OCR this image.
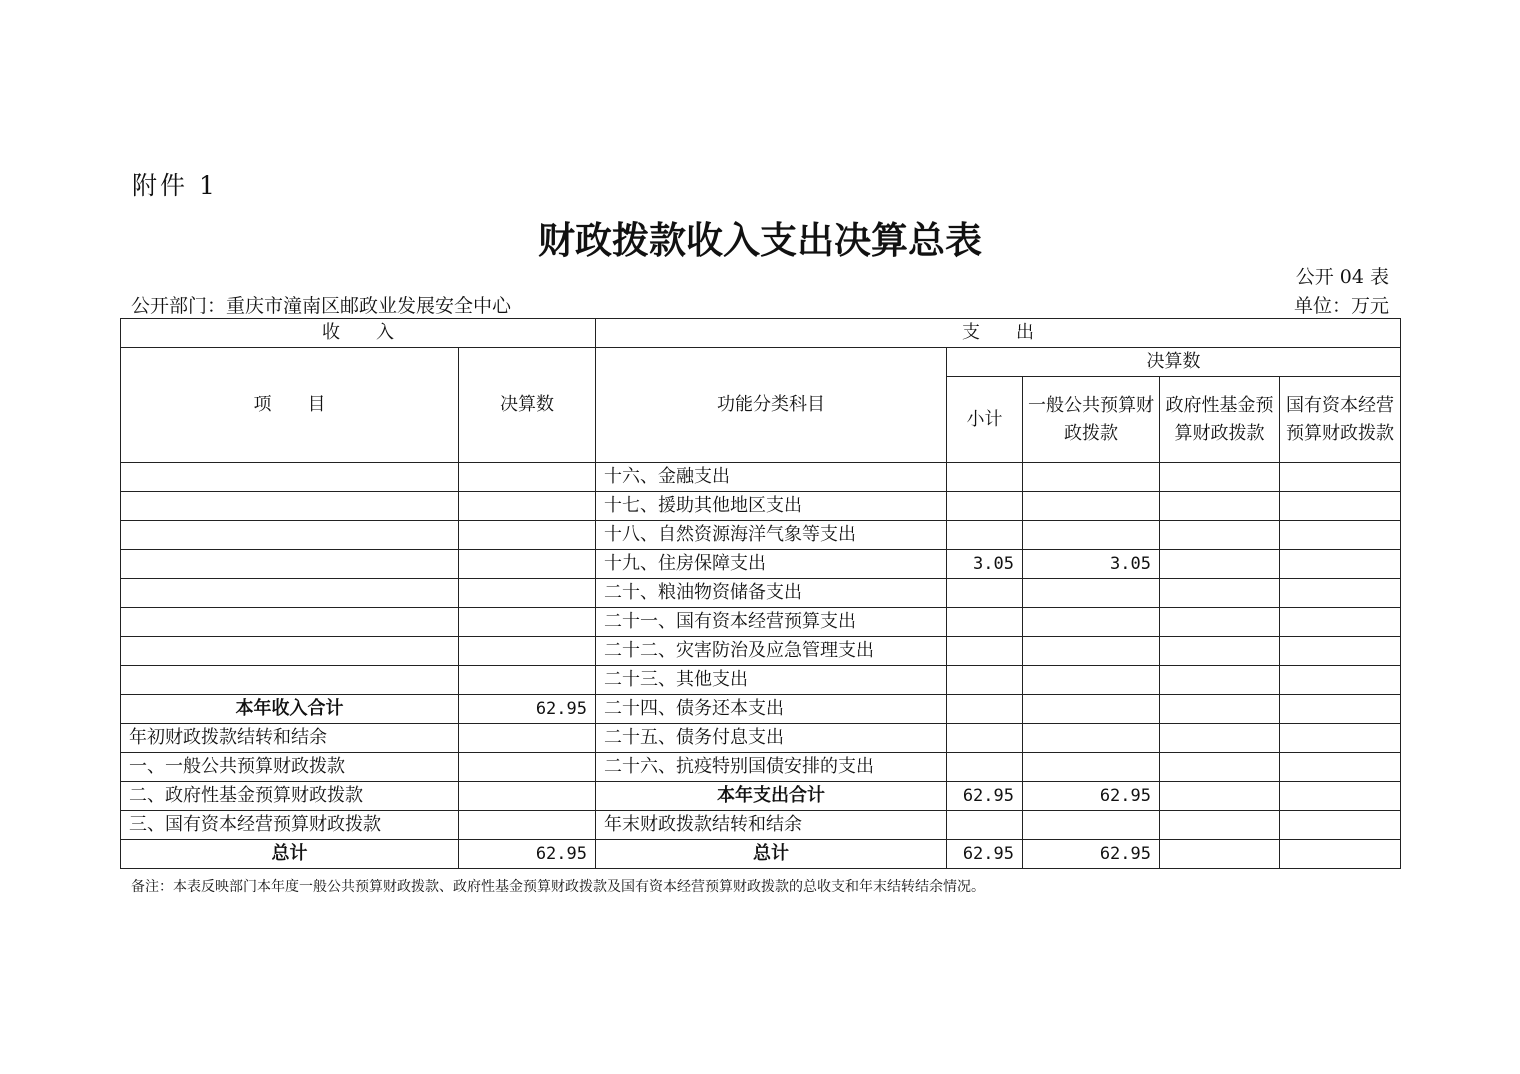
附件 1
财政拨款收入支出决算总表
公开 04 表
公开部门：重庆市潼南区邮政业发展安全中心	单位：万元
收　　入		支　　出				
项　　目	决算数	功能分类科目	决算数			
			小计	一般公共预算财政拨款	政府性基金预算财政拨款	国有资本经营预算财政拨款
		十六、金融支出				
		十七、援助其他地区支出				
		十八、自然资源海洋气象等支出				
		十九、住房保障支出	3.05	3.05		
		二十、粮油物资储备支出				
		二十一、国有资本经营预算支出				
		二十二、灾害防治及应急管理支出				
		二十三、其他支出				
本年收入合计	62.95	二十四、债务还本支出				
年初财政拨款结转和结余		二十五、债务付息支出				
一、一般公共预算财政拨款		二十六、抗疫特别国债安排的支出				
二、政府性基金预算财政拨款		本年支出合计	62.95	62.95		
三、国有资本经营预算财政拨款		年末财政拨款结转和结余				
总计	62.95	总计	62.95	62.95		
备注：本表反映部门本年度一般公共预算财政拨款、政府性基金预算财政拨款及国有资本经营预算财政拨款的总收支和年末结转结余情况。
